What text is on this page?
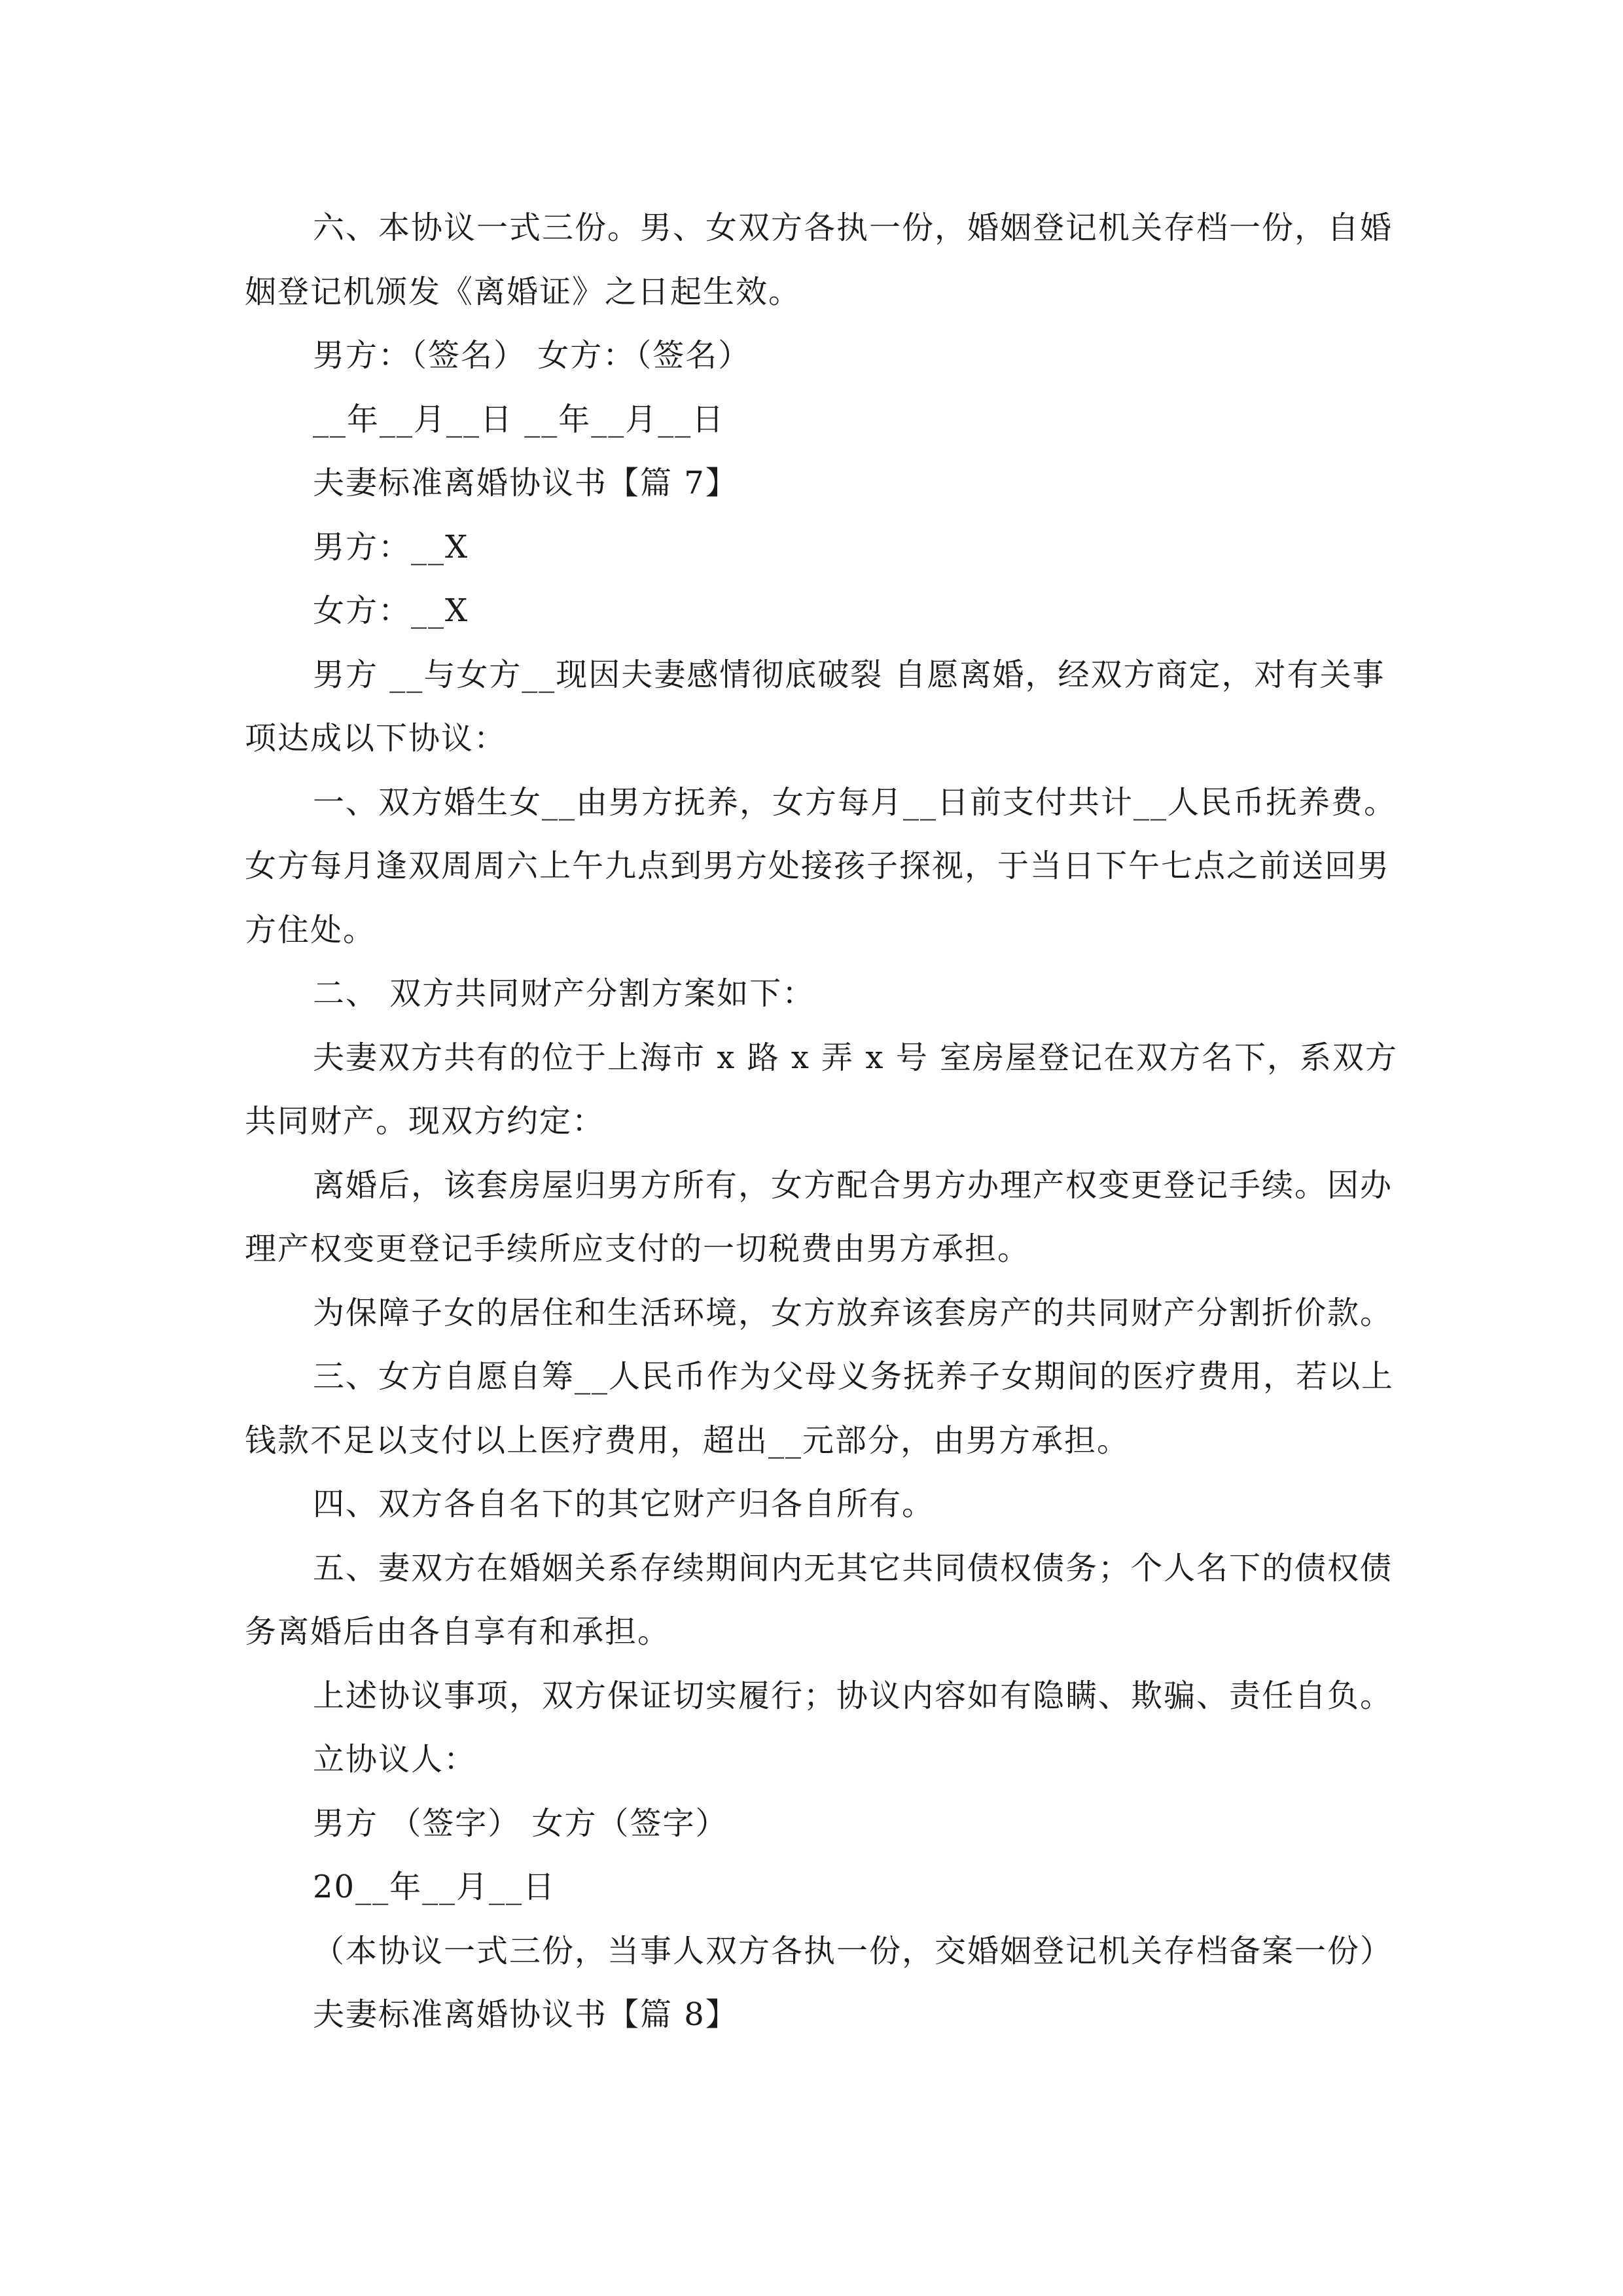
六、本协议一式三份。男、女双方各执一份，婚姻登记机关存档一份，自婚
姻登记机颁发《离婚证》之日起生效。
男方：（签名） 女方：（签名）
__年__月__日 __年__月__日
夫妻标准离婚协议书【篇 7】
男方：__X
女方：__X
男方 __与女方__现因夫妻感情彻底破裂 自愿离婚，经双方商定，对有关事
项达成以下协议：
一、双方婚生女__由男方抚养，女方每月__日前支付共计__人民币抚养费。
女方每月逢双周周六上午九点到男方处接孩子探视，于当日下午七点之前送回男
方住处。
二、 双方共同财产分割方案如下：
夫妻双方共有的位于上海市 x 路 x 弄 x 号 室房屋登记在双方名下，系双方
共同财产。现双方约定：
离婚后，该套房屋归男方所有，女方配合男方办理产权变更登记手续。因办
理产权变更登记手续所应支付的一切税费由男方承担。
为保障子女的居住和生活环境，女方放弃该套房产的共同财产分割折价款。
三、女方自愿自筹__人民币作为父母义务抚养子女期间的医疗费用，若以上
钱款不足以支付以上医疗费用，超出__元部分，由男方承担。
四、双方各自名下的其它财产归各自所有。
五、妻双方在婚姻关系存续期间内无其它共同债权债务；个人名下的债权债
务离婚后由各自享有和承担。
上述协议事项，双方保证切实履行；协议内容如有隐瞒、欺骗、责任自负。
立协议人：
男方 （签字） 女方（签字）
20__年__月__日
（本协议一式三份，当事人双方各执一份，交婚姻登记机关存档备案一份）
夫妻标准离婚协议书【篇 8】
